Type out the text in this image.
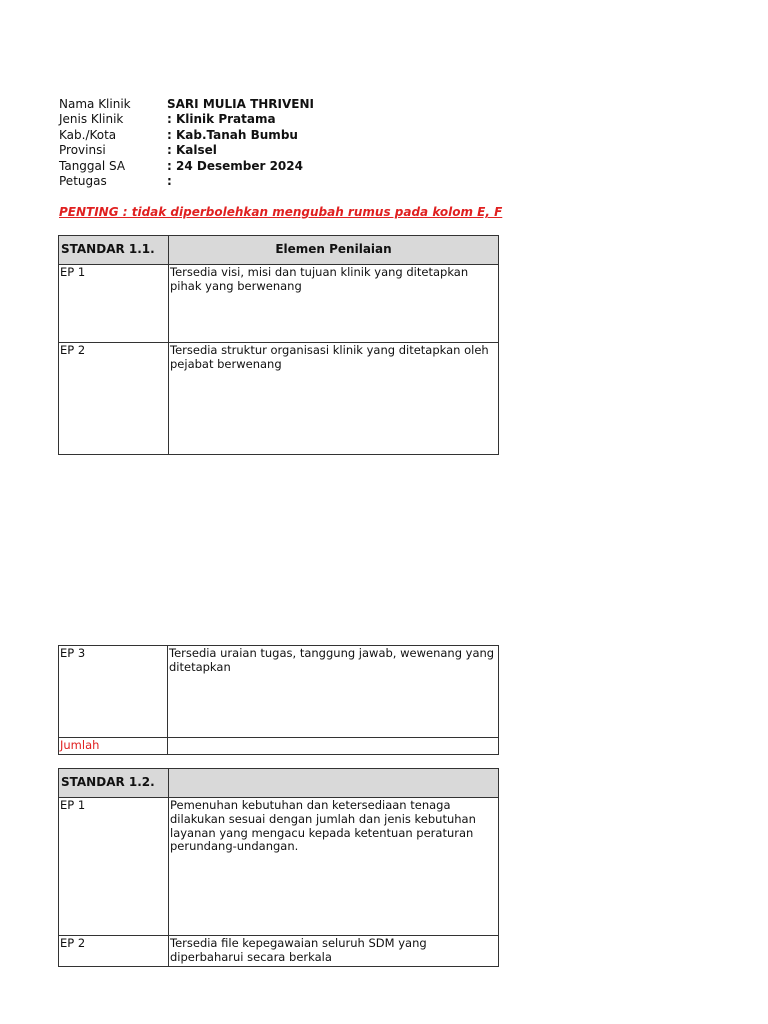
Nama Klinik	SARI MULIA THRIVENI
Jenis Klinik	: Klinik Pratama
Kab./Kota	: Kab.Tanah Bumbu
Provinsi	: Kalsel
Tanggal SA	: 24 Desember 2024
Petugas	:
PENTING : tidak diperbolehkan mengubah rumus pada kolom E, F
STANDAR 1.1.	Elemen Penilaian
EP 1	Tersedia visi, misi dan tujuan klinik yang ditetapkan pihak yang berwenang
EP 2	Tersedia struktur organisasi klinik yang ditetapkan oleh pejabat berwenang
EP 3	Tersedia uraian tugas, tanggung jawab, wewenang yang ditetapkan
Jumlah	
STANDAR 1.2.	
EP 1	Pemenuhan kebutuhan dan ketersediaan tenaga dilakukan sesuai dengan jumlah dan jenis kebutuhan layanan yang mengacu kepada ketentuan peraturan perundang-undangan.
EP 2	Tersedia file kepegawaian seluruh SDM yang diperbaharui secara berkala
